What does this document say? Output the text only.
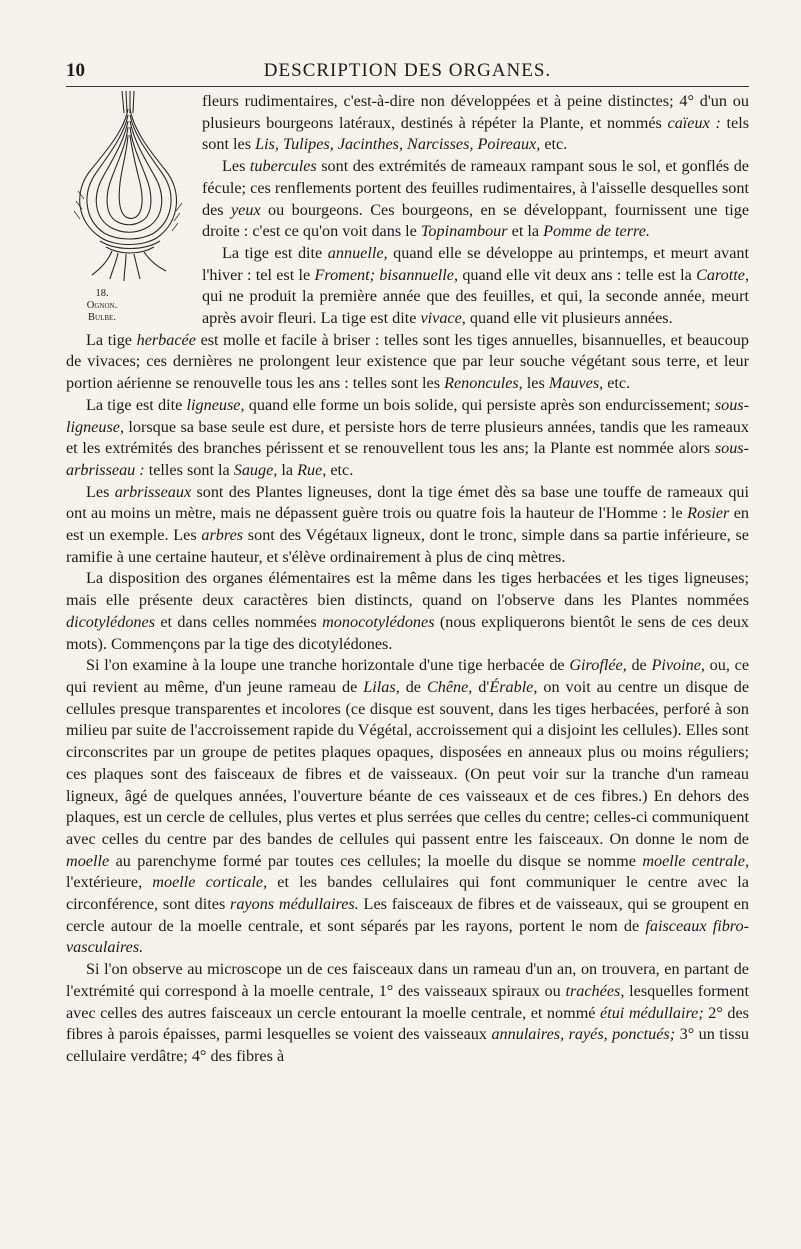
10	DESCRIPTION DES ORGANES.
18.
Ognon.
Bulbe.

fleurs rudimentaires, c'est-à-dire non développées et à peine distinctes; 4° d'un ou plusieurs bourgeons latéraux, destinés à répéter la Plante, et nommés caïeux : tels sont les Lis, Tulipes, Jacinthes, Narcisses, Poireaux, etc.

Les tubercules sont des extrémités de rameaux rampant sous le sol, et gonflés de fécule; ces renflements portent des feuilles rudimentaires, à l'aisselle desquelles sont des yeux ou bourgeons. Ces bourgeons, en se développant, fournissent une tige droite : c'est ce qu'on voit dans le Topinambour et la Pomme de terre.

La tige est dite annuelle, quand elle se développe au printemps, et meurt avant l'hiver : tel est le Froment; bisannuelle, quand elle vit deux ans : telle est la Carotte, qui ne produit la première année que des feuilles, et qui, la seconde année, meurt après avoir fleuri. La tige est dite vivace, quand elle vit plusieurs années.

La tige herbacée est molle et facile à briser : telles sont les tiges annuelles, bisannuelles, et beaucoup de vivaces; ces dernières ne prolongent leur existence que par leur souche végétant sous terre, et leur portion aérienne se renouvelle tous les ans : telles sont les Renoncules, les Mauves, etc.

La tige est dite ligneuse, quand elle forme un bois solide, qui persiste après son endurcissement; sous-ligneuse, lorsque sa base seule est dure, et persiste hors de terre plusieurs années, tandis que les rameaux et les extrémités des branches périssent et se renouvellent tous les ans; la Plante est nommée alors sous-arbrisseau : telles sont la Sauge, la Rue, etc.

Les arbrisseaux sont des Plantes ligneuses, dont la tige émet dès sa base une touffe de rameaux qui ont au moins un mètre, mais ne dépassent guère trois ou quatre fois la hauteur de l'Homme : le Rosier en est un exemple. Les arbres sont des Végétaux ligneux, dont le tronc, simple dans sa partie inférieure, se ramifie à une certaine hauteur, et s'élève ordinairement à plus de cinq mètres.

La disposition des organes élémentaires est la même dans les tiges herbacées et les tiges ligneuses; mais elle présente deux caractères bien distincts, quand on l'observe dans les Plantes nommées dicotylédones et dans celles nommées monocotylédones (nous expliquerons bientôt le sens de ces deux mots). Commençons par la tige des dicotylédones.

Si l'on examine à la loupe une tranche horizontale d'une tige herbacée de Giroflée, de Pivoine, ou, ce qui revient au même, d'un jeune rameau de Lilas, de Chêne, d'Érable, on voit au centre un disque de cellules presque transparentes et incolores (ce disque est souvent, dans les tiges herbacées, perforé à son milieu par suite de l'accroissement rapide du Végétal, accroissement qui a disjoint les cellules). Elles sont circonscrites par un groupe de petites plaques opaques, disposées en anneaux plus ou moins réguliers; ces plaques sont des faisceaux de fibres et de vaisseaux. (On peut voir sur la tranche d'un rameau ligneux, âgé de quelques années, l'ouverture béante de ces vaisseaux et de ces fibres.) En dehors des plaques, est un cercle de cellules, plus vertes et plus serrées que celles du centre; celles-ci communiquent avec celles du centre par des bandes de cellules qui passent entre les faisceaux. On donne le nom de moelle au parenchyme formé par toutes ces cellules; la moelle du disque se nomme moelle centrale, l'extérieure, moelle corticale, et les bandes cellulaires qui font communiquer le centre avec la circonférence, sont dites rayons médullaires. Les faisceaux de fibres et de vaisseaux, qui se groupent en cercle autour de la moelle centrale, et sont séparés par les rayons, portent le nom de faisceaux fibro-vasculaires.

Si l'on observe au microscope un de ces faisceaux dans un rameau d'un an, on trouvera, en partant de l'extrémité qui correspond à la moelle centrale, 1° des vaisseaux spiraux ou trachées, lesquelles forment avec celles des autres faisceaux un cercle entourant la moelle centrale, et nommé étui médullaire; 2° des fibres à parois épaisses, parmi lesquelles se voient des vaisseaux annulaires, rayés, ponctués; 3° un tissu cellulaire verdâtre; 4° des fibres à
